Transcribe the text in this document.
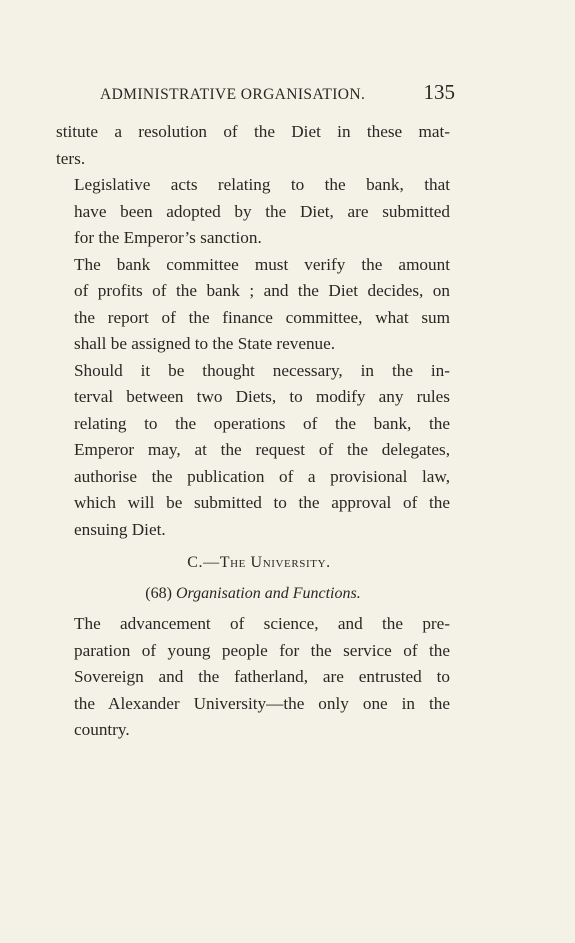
ADMINISTRATIVE ORGANISATION.	135

stitute a resolution of the Diet in these mat-
ters.

Legislative acts relating to the bank, that
have been adopted by the Diet, are submitted
for the Emperor’s sanction.

The bank committee must verify the amount
of profits of the bank ; and the Diet decides, on
the report of the finance committee, what sum
shall be assigned to the State revenue.

Should it be thought necessary, in the in-
terval between two Diets, to modify any rules
relating to the operations of the bank, the
Emperor may, at the request of the delegates,
authorise the publication of a provisional law,
which will be submitted to the approval of the
ensuing Diet.

C.—The University.
(68) Organisation and Functions.

The advancement of science, and the pre-
paration of young people for the service of the
Sovereign and the fatherland, are entrusted to
the Alexander University—the only one in the
country.
